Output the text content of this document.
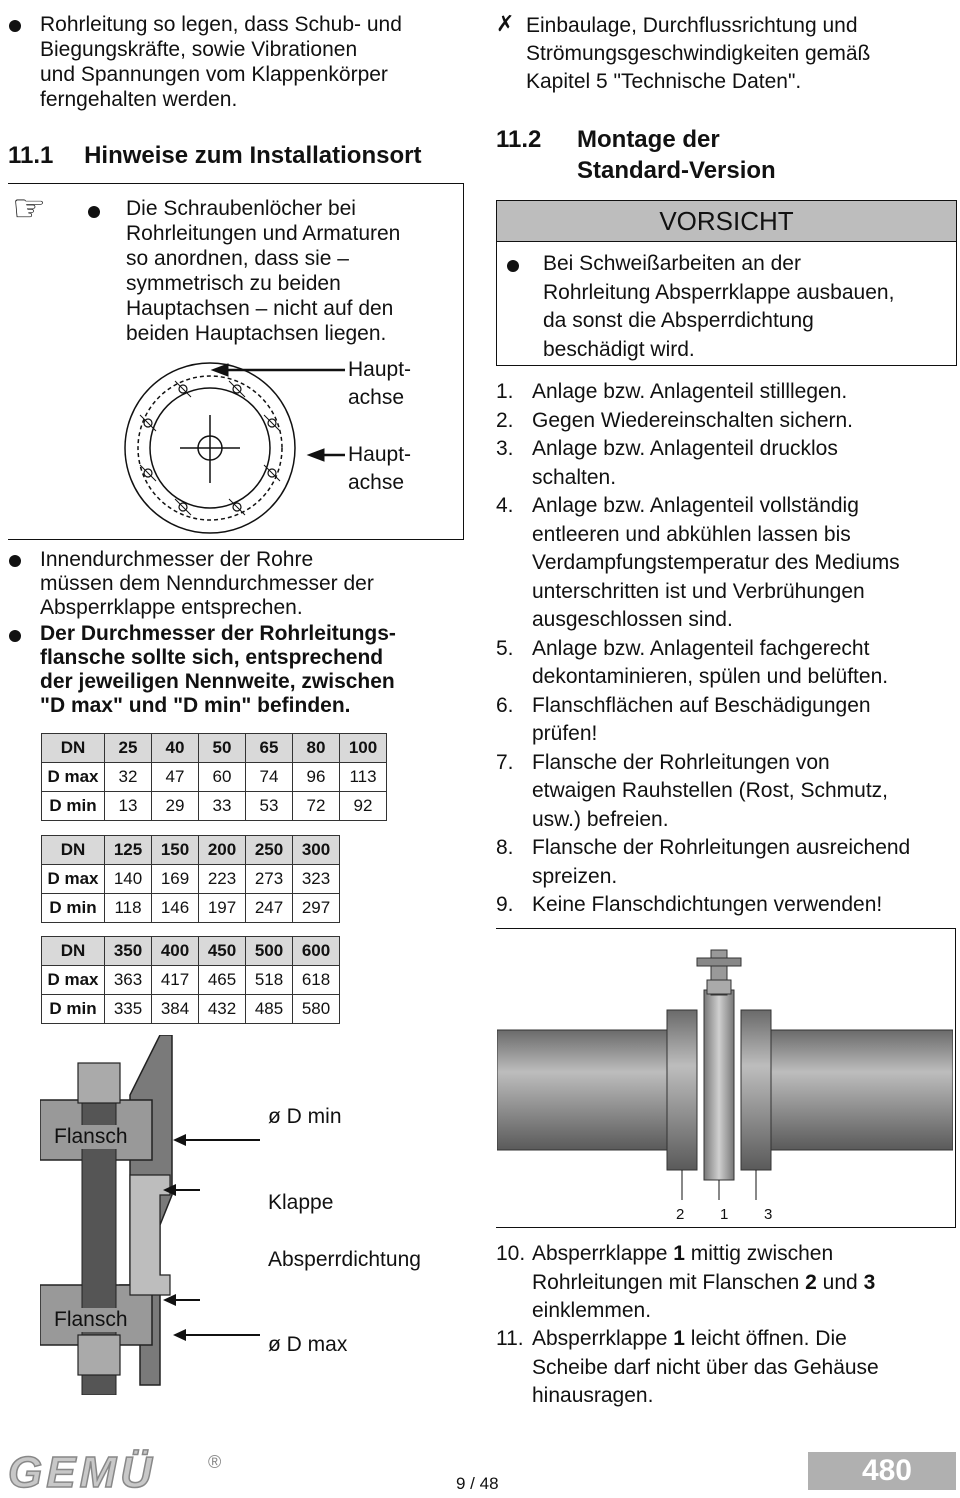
Rohrleitung so legen, dass Schub- und
Biegungskräfte, sowie Vibrationen
und Spannungen vom Klappenkörper
ferngehalten werden.
11.1 Hinweise zum Installationsort
☞	Die Schraubenlöcher bei
Rohrleitungen und Armaturen
so anordnen, dass sie –
symmetrisch zu beiden
Hauptachsen – nicht auf den
beiden Hauptachsen liegen.
Haupt-
achse
Haupt-
achse
Innendurchmesser der Rohre
müssen dem Nenndurchmesser der
Absperrklappe entsprechen.
Der Durchmesser der Rohrleitungs-
flansche sollte sich, entsprechend
der jeweiligen Nennweite, zwischen
"D max" und "D min" befinden.
DN	25	40	50	65	80	100
D max	32	47	60	74	96	113
D min	13	29	33	53	72	92
DN	125	150	200	250	300
D max	140	169	223	273	323
D min	118	146	197	247	297
DN	350	400	450	500	600
D max	363	417	465	518	618
D min	335	384	432	485	580
Flansch
Flansch
ø D min
Klappe
Absperrdichtung
ø D max
✗ Einbaulage, Durchflussrichtung und
Strömungsgeschwindigkeiten gemäß
Kapitel 5 "Technische Daten".
11.2 Montage der
Standard-Version
VORSICHT
Bei Schweißarbeiten an der
Rohrleitung Absperrklappe ausbauen,
da sonst die Absperrdichtung
beschädigt wird.
1. Anlage bzw. Anlagenteil stilllegen.
2. Gegen Wiedereinschalten sichern.
3. Anlage bzw. Anlagenteil drucklos
schalten.
4. Anlage bzw. Anlagenteil vollständig
entleeren und abkühlen lassen bis
Verdampfungstemperatur des Mediums
unterschritten ist und Verbrühungen
ausgeschlossen sind.
5. Anlage bzw. Anlagenteil fachgerecht
dekontaminieren, spülen und belüften.
6. Flanschflächen auf Beschädigungen
prüfen!
7. Flansche der Rohrleitungen von
etwaigen Rauhstellen (Rost, Schmutz,
usw.) befreien.
8. Flansche der Rohrleitungen ausreichend
spreizen.
9. Keine Flanschdichtungen verwenden!
2 1 3
10. Absperrklappe 1 mittig zwischen
Rohrleitungen mit Flanschen 2 und 3
einklemmen.
11. Absperrklappe 1 leicht öffnen. Die
Scheibe darf nicht über das Gehäuse
hinausragen.
GEMÜ	®
9 / 48	480
